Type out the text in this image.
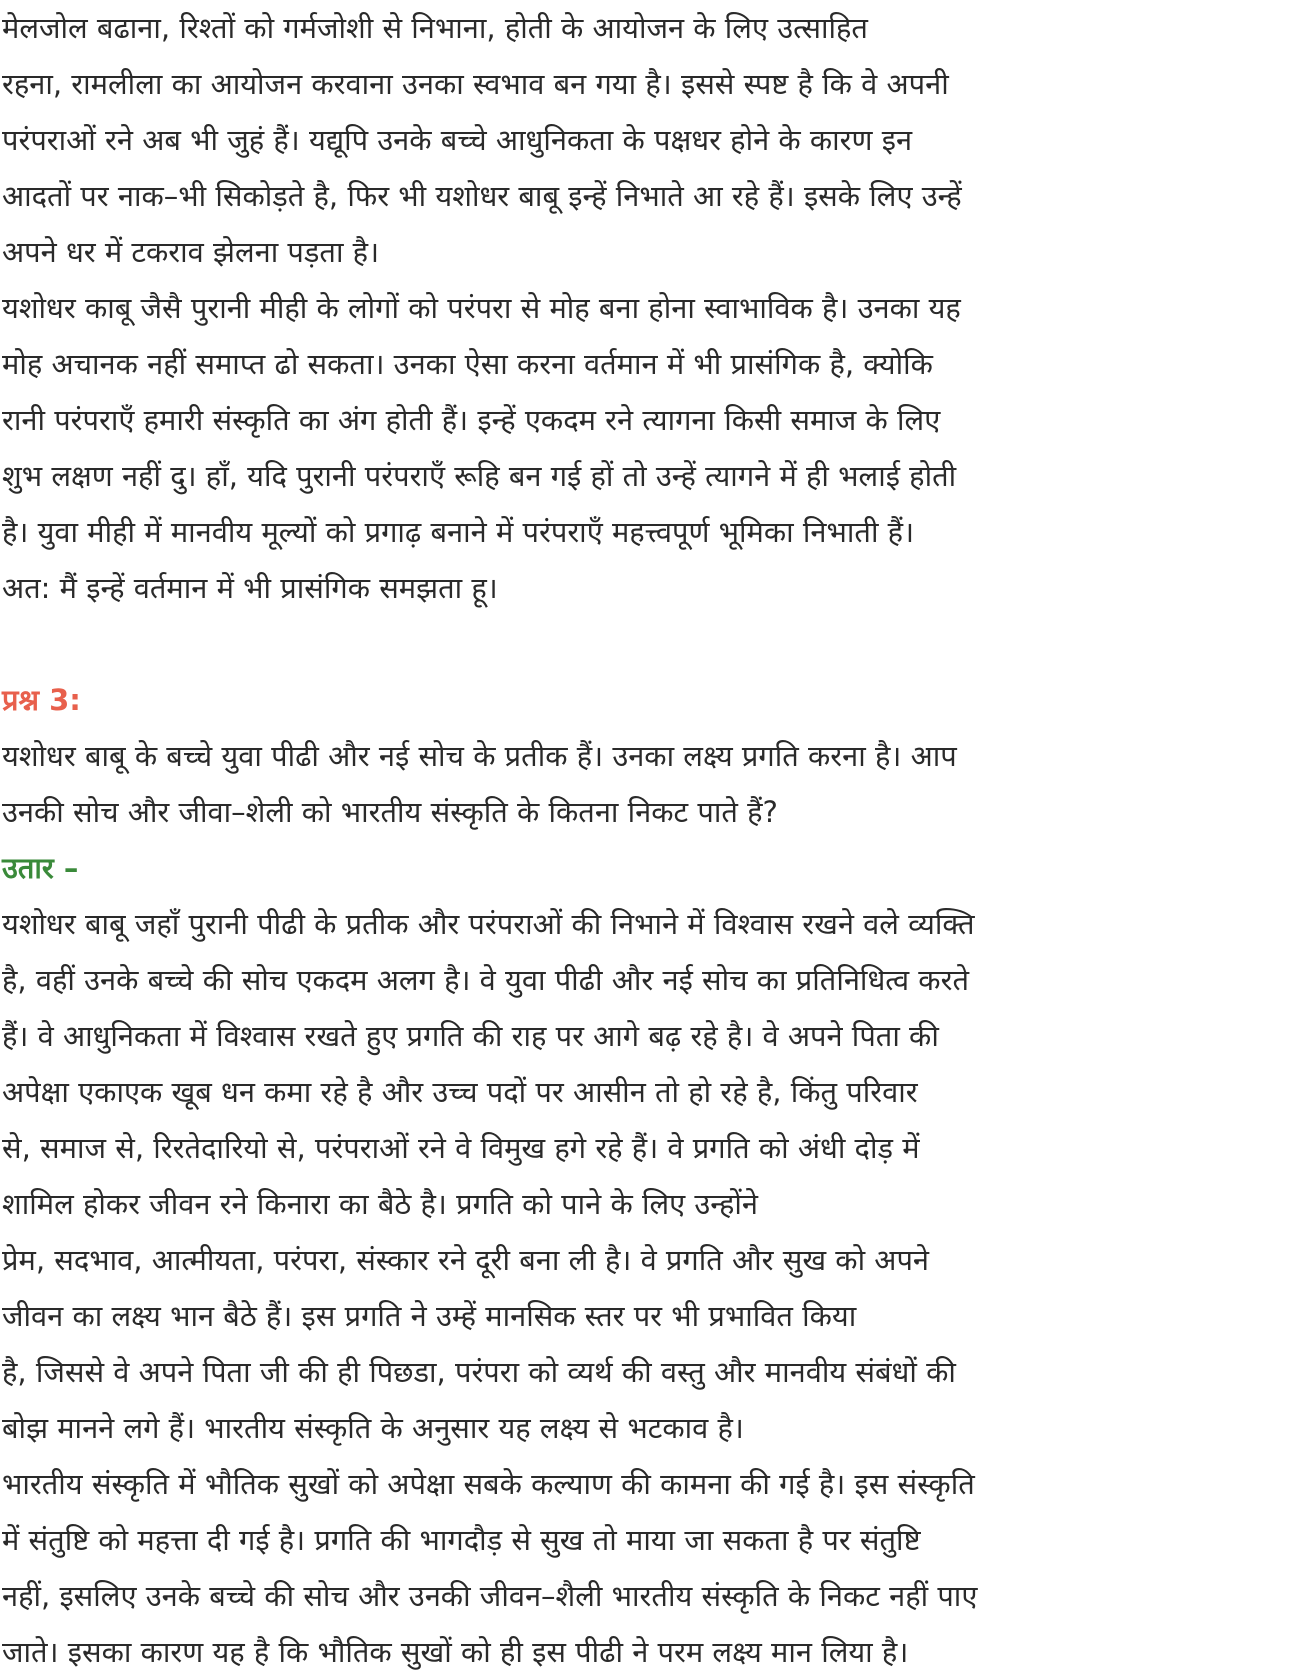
मेलजोल बढाना, रिश्तों को गर्मजोशी से निभाना, होती के आयोजन के लिए उत्साहित
रहना, रामलीला का आयोजन करवाना उनका स्वभाव बन गया है। इससे स्पष्ट है कि वे अपनी
परंपराओं रने अब भी जुहं हैं। यद्यूपि उनके बच्चे आधुनिकता के पक्षधर होने के कारण इन
आदतों पर नाक–भी सिकोड़ते है, फिर भी यशोधर बाबू इन्हें निभाते आ रहे हैं। इसके लिए उन्हें
अपने धर में टकराव झेलना पड़ता है।
यशोधर काबू जैसै पुरानी मीही के लोगों को परंपरा से मोह बना होना स्वाभाविक है। उनका यह
मोह अचानक नहीं समाप्त ढो सकता। उनका ऐसा करना वर्तमान में भी प्रासंगिक है, क्योकि
रानी परंपराएँ हमारी संस्कृति का अंग होती हैं। इन्हें एकदम रने त्यागना किसी समाज के लिए
शुभ लक्षण नहीं दु। हाँ, यदि पुरानी परंपराएँ रूहि बन गई हों तो उन्हें त्यागने में ही भलाई होती
है। युवा मीही में मानवीय मूल्यों को प्रगाढ़ बनाने में परंपराएँ महत्त्वपूर्ण भूमिका निभाती हैं।
अत: मैं इन्हें वर्तमान में भी प्रासंगिक समझता हू।
प्रश्न 3:
यशोधर बाबू के बच्चे युवा पीढी और नई सोच के प्रतीक हैं। उनका लक्ष्य प्रगति करना है। आप
उनकी सोच और जीवा–शेली को भारतीय संस्कृति के कितना निकट पाते हैं?
उतार –
यशोधर बाबू जहाँ पुरानी पीढी के प्रतीक और परंपराओं की निभाने में विश्वास रखने वले व्यक्ति
है, वहीं उनके बच्चे की सोच एकदम अलग है। वे युवा पीढी और नई सोच का प्रतिनिधित्व करते
हैं। वे आधुनिकता में विश्वास रखते हुए प्रगति की राह पर आगे बढ़ रहे है। वे अपने पिता की
अपेक्षा एकाएक खूब धन कमा रहे है और उच्च पदों पर आसीन तो हो रहे है, किंतु परिवार
से, समाज से, रिरतेदारियो से, परंपराओं रने वे विमुख हगे रहे हैं। वे प्रगति को अंधी दोड़ में
शामिल होकर जीवन रने किनारा का बैठे है। प्रगति को पाने के लिए उन्होंने
प्रेम, सदभाव, आत्मीयता, परंपरा, संस्कार रने दूरी बना ली है। वे प्रगति और सुख को अपने
जीवन का लक्ष्य भान बैठे हैं। इस प्रगति ने उम्हें मानसिक स्तर पर भी प्रभावित किया
है, जिससे वे अपने पिता जी की ही पिछडा, परंपरा को व्यर्थ की वस्तु और मानवीय संबंधों की
बोझ मानने लगे हैं। भारतीय संस्कृति के अनुसार यह लक्ष्य से भटकाव है।
भारतीय संस्कृति में भौतिक सुखों को अपेक्षा सबके कल्याण की कामना की गई है। इस संस्कृति
में संतुष्टि को महत्ता दी गई है। प्रगति की भागदौड़ से सुख तो माया जा सकता है पर संतुष्टि
नहीं, इसलिए उनके बच्चे की सोच और उनकी जीवन–शैली भारतीय संस्कृति के निकट नहीं पाए
जाते। इसका कारण यह है कि भौतिक सुखों को ही इस पीढी ने परम लक्ष्य मान लिया है।
